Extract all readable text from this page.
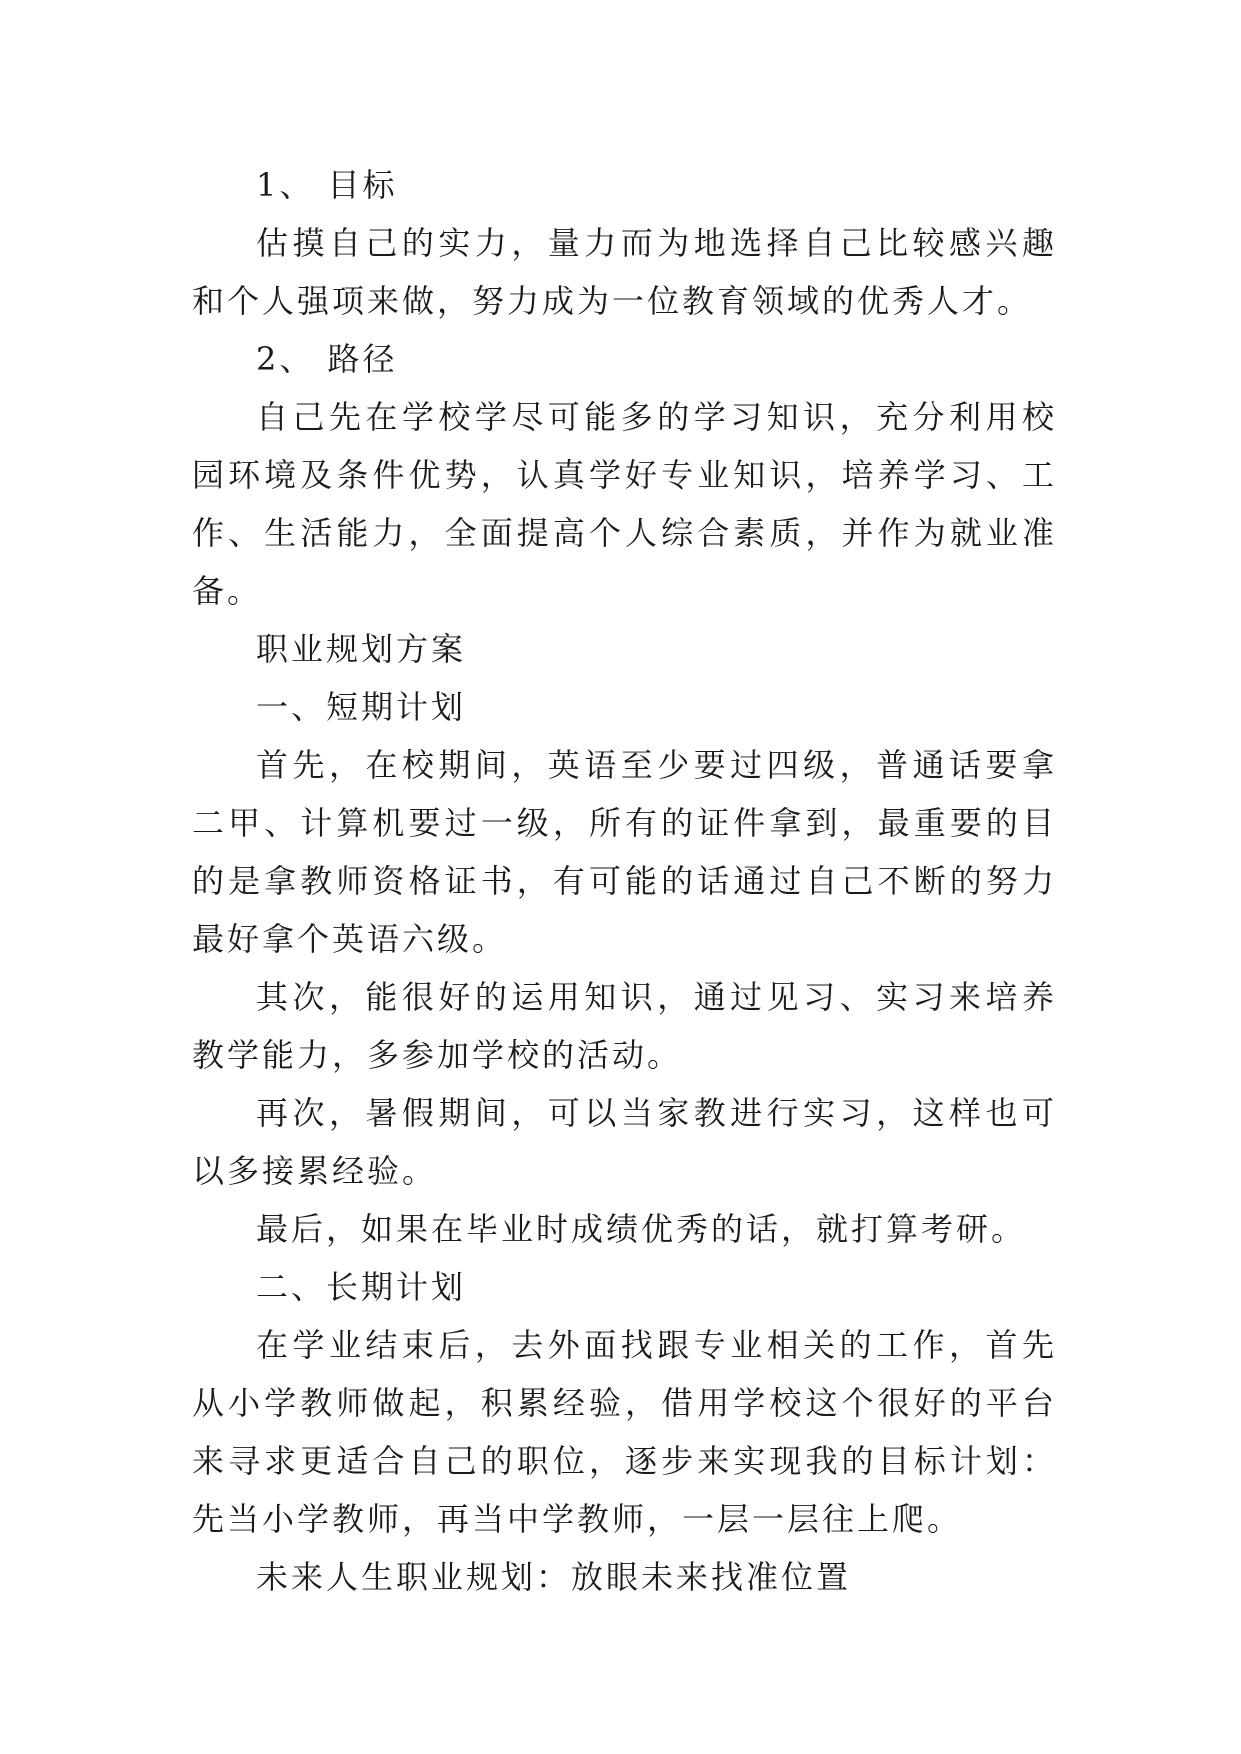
1、 目标

估摸自己的实力，量力而为地选择自己比较感兴趣和个人强项来做，努力成为一位教育领域的优秀人才。

2、 路径

自己先在学校学尽可能多的学习知识，充分利用校园环境及条件优势，认真学好专业知识，培养学习、工作、生活能力，全面提高个人综合素质，并作为就业准备。

职业规划方案

一、短期计划

首先，在校期间，英语至少要过四级，普通话要拿二甲、计算机要过一级，所有的证件拿到，最重要的目的是拿教师资格证书，有可能的话通过自己不断的努力最好拿个英语六级。

其次，能很好的运用知识，通过见习、实习来培养教学能力，多参加学校的活动。

再次，暑假期间，可以当家教进行实习，这样也可以多接累经验。

最后，如果在毕业时成绩优秀的话，就打算考研。

二、长期计划

在学业结束后，去外面找跟专业相关的工作，首先从小学教师做起，积累经验，借用学校这个很好的平台来寻求更适合自己的职位，逐步来实现我的目标计划：先当小学教师，再当中学教师，一层一层往上爬。

未来人生职业规划：放眼未来找准位置
